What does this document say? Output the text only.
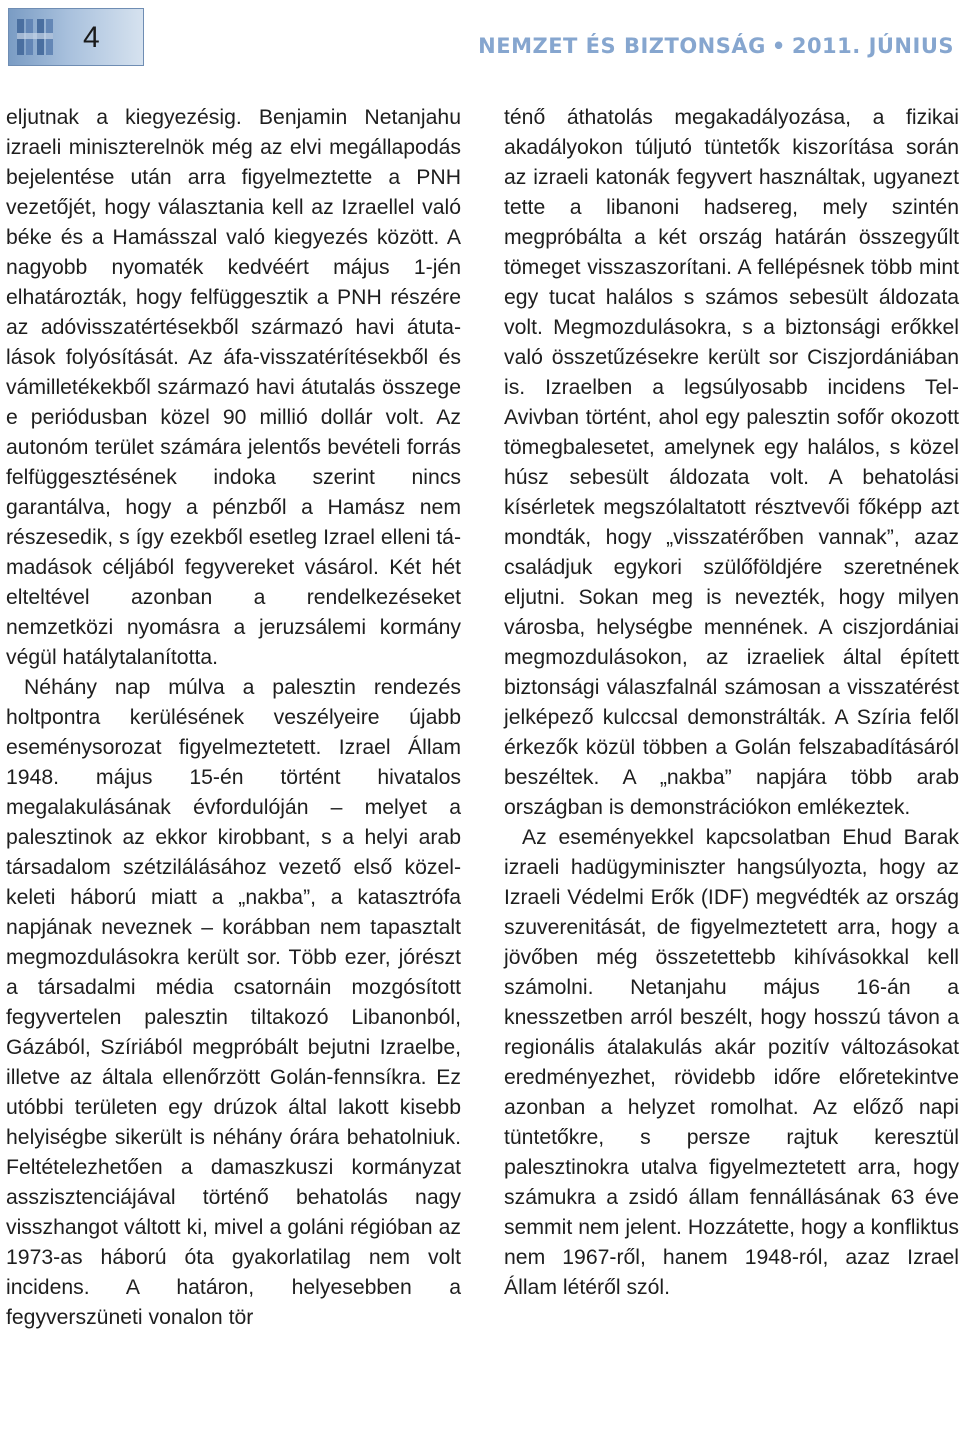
4	NEMZET ÉS BIZTONSÁG • 2011. JÚNIUS

eljutnak a kiegyezésig. Benjamin Netanjahu izraeli miniszterelnök még az elvi megállapodás bejelentése után arra figyelmeztette a PNH vezetőjét, hogy választania kell az Izraellel való béke és a Hamásszal való kiegyezés között. A nagyobb nyomaték kedvéért május 1-jén elhatározták, hogy felfüggesztik a PNH részére az adóvisszatértésekből származó havi átutalások folyósítását. Az áfa-visszatérítésekből és vámilletékekből származó havi átutalás összege e periódusban közel 90 millió dollár volt. Az autonóm terület számára jelentős bevételi forrás felfüggesztésének indoka szerint nincs garantálva, hogy a pénzből a Hamász nem részesedik, s így ezekből esetleg Izrael elleni támadások céljából fegyvereket vásárol. Két hét elteltével azonban a rendelkezéseket nemzetközi nyomásra a jeruzsálemi kormány végül hatálytalanította.

Néhány nap múlva a palesztin rendezés holtpontra kerülésének veszélyeire újabb eseménysorozat figyelmeztetett. Izrael Állam 1948. május 15-én történt hivatalos megalakulásának évfordulóján – melyet a palesztinok az ekkor kirobbant, s a helyi arab társadalom szétzilálásához vezető első közel-keleti háború miatt a „nakba”, a katasztrófa napjának neveznek – korábban nem tapasztalt megmozdulásokra került sor. Több ezer, jórészt a társadalmi média csatornáin mozgósított fegyvertelen palesztin tiltakozó Libanonból, Gázából, Szíriából megpróbált bejutni Izraelbe, illetve az általa ellenőrzött Golán-fennsíkra. Ez utóbbi területen egy drúzok által lakott kisebb helyiségbe sikerült is néhány órára behatolniuk. Feltételezhetően a damaszkuszi kormányzat asszisztenciájával történő behatolás nagy visszhangot váltott ki, mivel a goláni régióban az 1973-as háború óta gyakorlatilag nem volt incidens. A határon, helyesebben a fegyverszüneti vonalon tör

ténő áthatolás megakadályozása, a fizikai akadályokon túljutó tüntetők kiszorítása során az izraeli katonák fegyvert használtak, ugyanezt tette a libanoni hadsereg, mely szintén megpróbálta a két ország határán összegyűlt tömeget visszaszorítani. A fellépésnek több mint egy tucat halálos s számos sebesült áldozata volt. Megmozdulásokra, s a biztonsági erőkkel való összetűzésekre került sor Ciszjordániában is. Izraelben a legsúlyosabb incidens Tel-Avivban történt, ahol egy palesztin sofőr okozott tömegbalesetet, amelynek egy halálos, s közel húsz sebesült áldozata volt. A behatolási kísérletek megszólaltatott résztvevői főképp azt mondták, hogy „visszatérőben vannak”, azaz családjuk egykori szülőföldjére szeretnének eljutni. Sokan meg is nevezték, hogy milyen városba, helységbe mennének. A ciszjordániai megmozdulásokon, az izraeliek által épített biztonsági válaszfalnál számosan a visszatérést jelképező kulccsal demonstrálták. A Szíria felől érkezők közül többen a Golán felszabadításáról beszéltek. A „nakba” napjára több arab országban is demonstrációkon emlékeztek.

Az eseményekkel kapcsolatban Ehud Barak izraeli hadügyminiszter hangsúlyozta, hogy az Izraeli Védelmi Erők (IDF) megvédték az ország szuverenitását, de figyelmeztetett arra, hogy a jövőben még összetettebb kihívásokkal kell számolni. Netanjahu május 16-án a knesszetben arról beszélt, hogy hosszú távon a regionális átalakulás akár pozitív változásokat eredményezhet, rövidebb időre előretekintve azonban a helyzet romolhat. Az előző napi tüntetőkre, s persze rajtuk keresztül palesztinokra utalva figyelmeztetett arra, hogy számukra a zsidó állam fennállásának 63 éve semmit nem jelent. Hozzátette, hogy a konfliktus nem 1967-ről, hanem 1948-ról, azaz Izrael Állam létéről szól.
